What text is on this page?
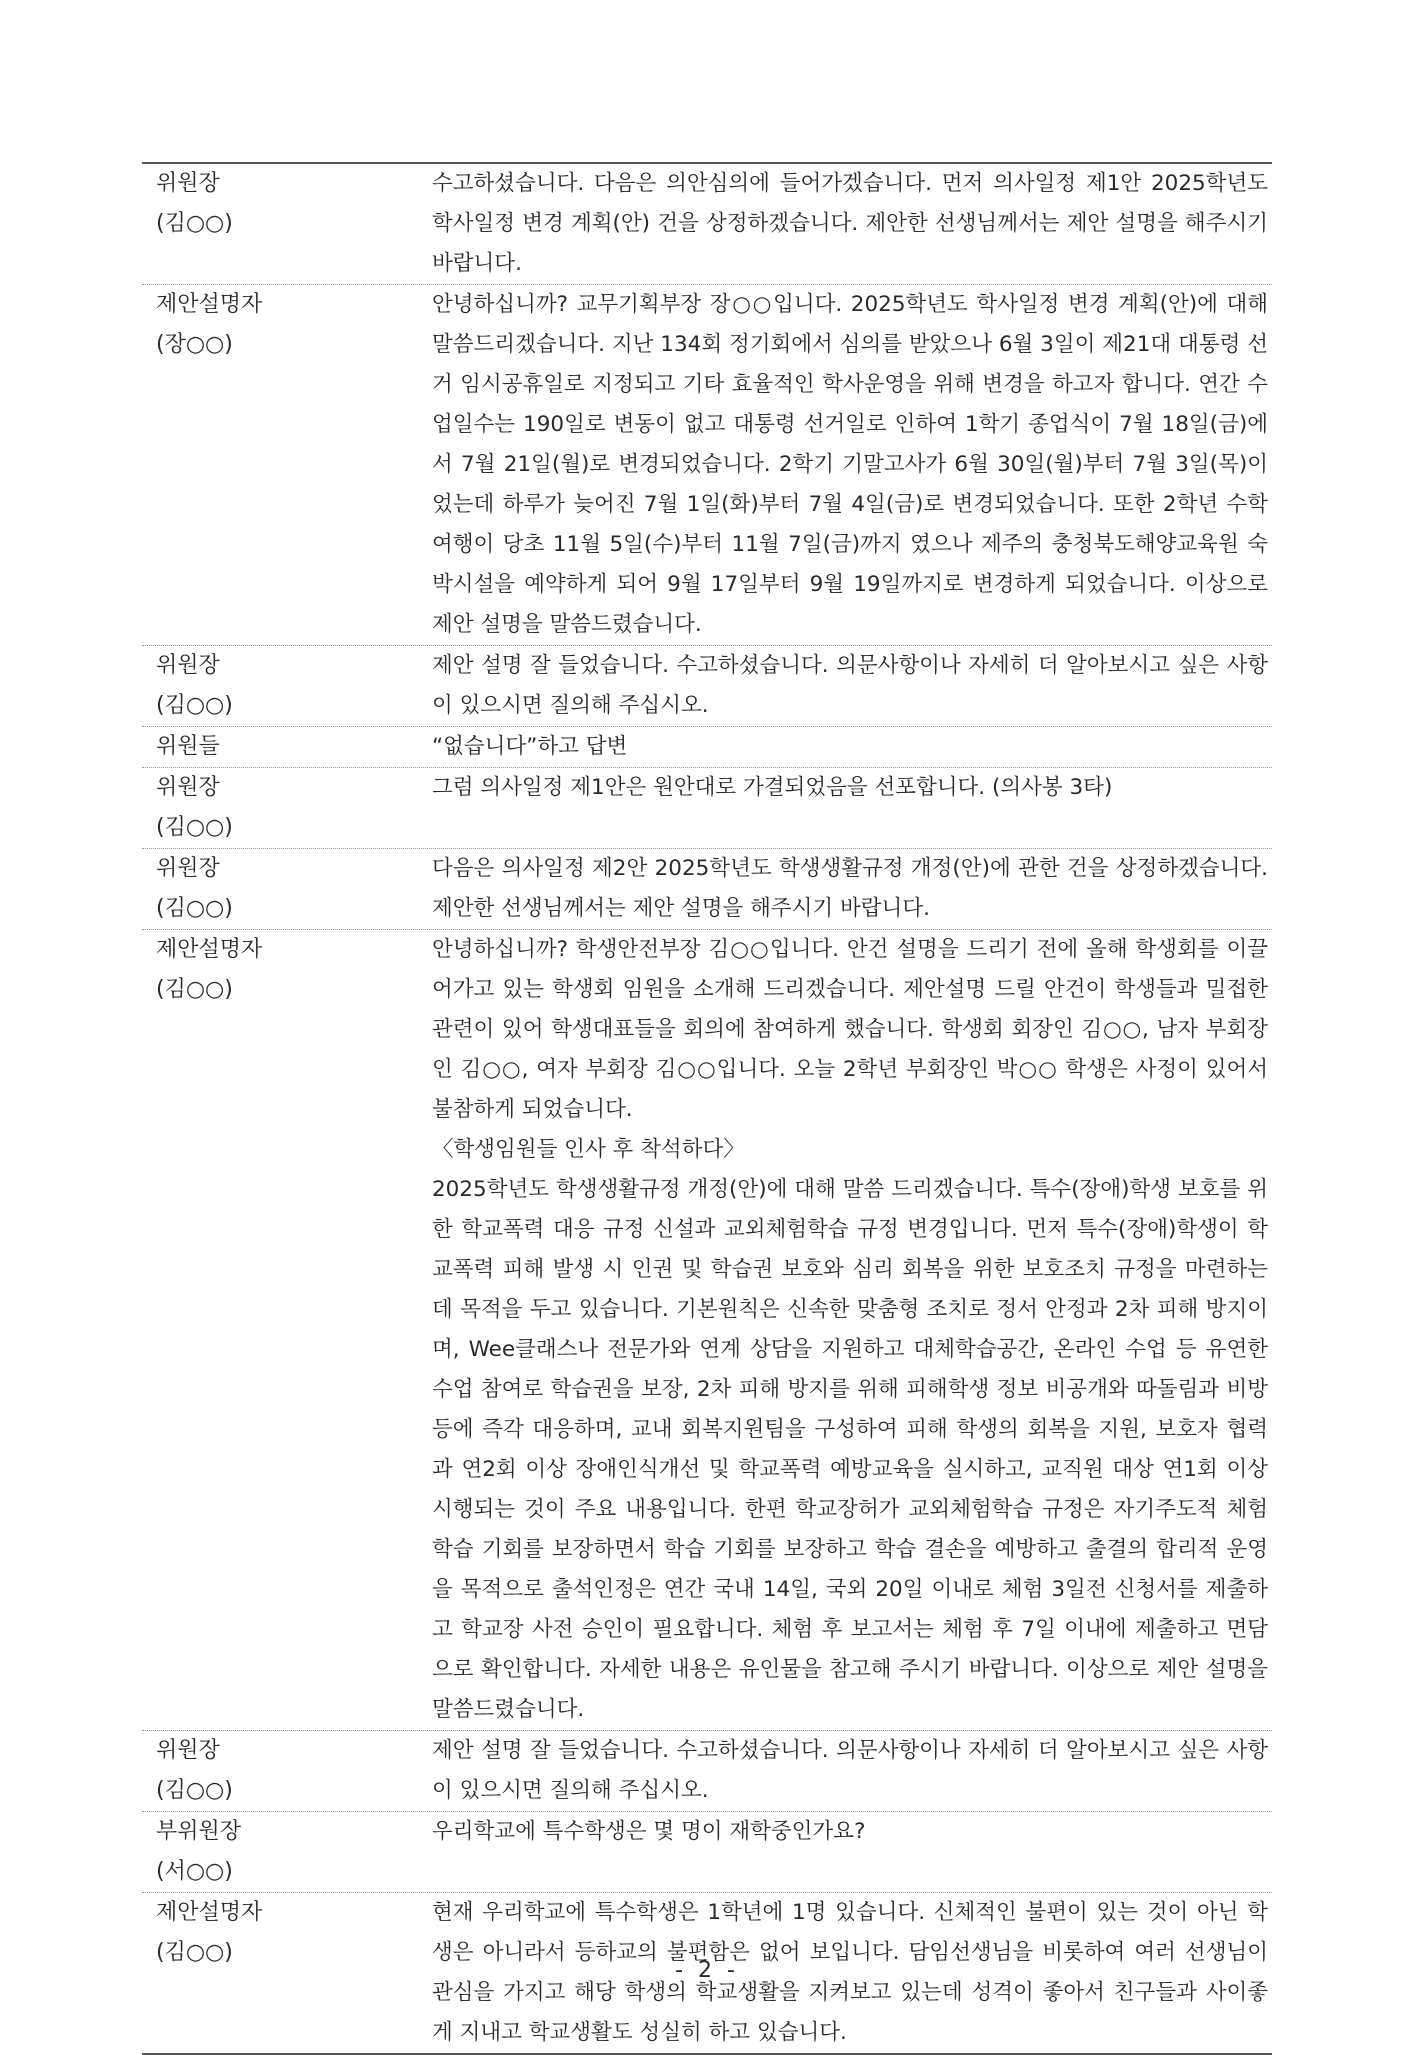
위원장
(김○○)

수고하셨습니다. 다음은 의안심의에 들어가겠습니다. 먼저 의사일정 제1안 2025학년도 학사일정 변경 계획(안) 건을 상정하겠습니다. 제안한 선생님께서는 제안 설명을 해주시기 바랍니다.

제안설명자
(장○○)

안녕하십니까? 교무기획부장 장○○입니다. 2025학년도 학사일정 변경 계획(안)에 대해 말씀드리겠습니다. 지난 134회 정기회에서 심의를 받았으나 6월 3일이 제21대 대통령 선거 임시공휴일로 지정되고 기타 효율적인 학사운영을 위해 변경을 하고자 합니다. 연간 수업일수는 190일로 변동이 없고 대통령 선거일로 인하여 1학기 종업식이 7월 18일(금)에서 7월 21일(월)로 변경되었습니다. 2학기 기말고사가 6월 30일(월)부터 7월 3일(목)이었는데 하루가 늦어진 7월 1일(화)부터 7월 4일(금)로 변경되었습니다. 또한 2학년 수학여행이 당초 11월 5일(수)부터 11월 7일(금)까지 였으나 제주의 충청북도해양교육원 숙박시설을 예약하게 되어 9월 17일부터 9월 19일까지로 변경하게 되었습니다. 이상으로 제안 설명을 말씀드렸습니다.

위원장
(김○○)

제안 설명 잘 들었습니다. 수고하셨습니다. 의문사항이나 자세히 더 알아보시고 싶은 사항이 있으시면 질의해 주십시오.

위원들	“없습니다”하고 답변

위원장
(김○○)

그럼 의사일정 제1안은 원안대로 가결되었음을 선포합니다. (의사봉 3타)

위원장
(김○○)

다음은 의사일정 제2안 2025학년도 학생생활규정 개정(안)에 관한 건을 상정하겠습니다. 제안한 선생님께서는 제안 설명을 해주시기 바랍니다.

제안설명자
(김○○)

안녕하십니까? 학생안전부장 김○○입니다. 안건 설명을 드리기 전에 올해 학생회를 이끌어가고 있는 학생회 임원을 소개해 드리겠습니다. 제안설명 드릴 안건이 학생들과 밀접한 관련이 있어 학생대표들을 회의에 참여하게 했습니다. 학생회 회장인 김○○, 남자 부회장인 김○○, 여자 부회장 김○○입니다. 오늘 2학년 부회장인 박○○ 학생은 사정이 있어서 불참하게 되었습니다.

〈학생임원들 인사 후 착석하다〉

2025학년도 학생생활규정 개정(안)에 대해 말씀 드리겠습니다. 특수(장애)학생 보호를 위한 학교폭력 대응 규정 신설과 교외체험학습 규정 변경입니다. 먼저 특수(장애)학생이 학교폭력 피해 발생 시 인권 및 학습권 보호와 심리 회복을 위한 보호조치 규정을 마련하는데 목적을 두고 있습니다. 기본원칙은 신속한 맞춤형 조치로 정서 안정과 2차 피해 방지이며, Wee클래스나 전문가와 연계 상담을 지원하고 대체학습공간, 온라인 수업 등 유연한 수업 참여로 학습권을 보장, 2차 피해 방지를 위해 피해학생 정보 비공개와 따돌림과 비방 등에 즉각 대응하며, 교내 회복지원팀을 구성하여 피해 학생의 회복을 지원, 보호자 협력과 연2회 이상 장애인식개선 및 학교폭력 예방교육을 실시하고, 교직원 대상 연1회 이상 시행되는 것이 주요 내용입니다. 한편 학교장허가 교외체험학습 규정은 자기주도적 체험학습 기회를 보장하면서 학습 기회를 보장하고 학습 결손을 예방하고 출결의 합리적 운영을 목적으로 출석인정은 연간 국내 14일, 국외 20일 이내로 체험 3일전 신청서를 제출하고 학교장 사전 승인이 필요합니다. 체험 후 보고서는 체험 후 7일 이내에 제출하고 면담으로 확인합니다. 자세한 내용은 유인물을 참고해 주시기 바랍니다. 이상으로 제안 설명을 말씀드렸습니다.

위원장
(김○○)

제안 설명 잘 들었습니다. 수고하셨습니다. 의문사항이나 자세히 더 알아보시고 싶은 사항이 있으시면 질의해 주십시오.

부위원장
(서○○)

우리학교에 특수학생은 몇 명이 재학중인가요?

제안설명자
(김○○)

현재 우리학교에 특수학생은 1학년에 1명 있습니다. 신체적인 불편이 있는 것이 아닌 학생은 아니라서 등하교의 불편함은 없어 보입니다. 담임선생님을 비롯하여 여러 선생님이 관심을 가지고 해당 학생의 학교생활을 지켜보고 있는데 성격이 좋아서 친구들과 사이좋게 지내고 학교생활도 성실히 하고 있습니다.

- 2 -
